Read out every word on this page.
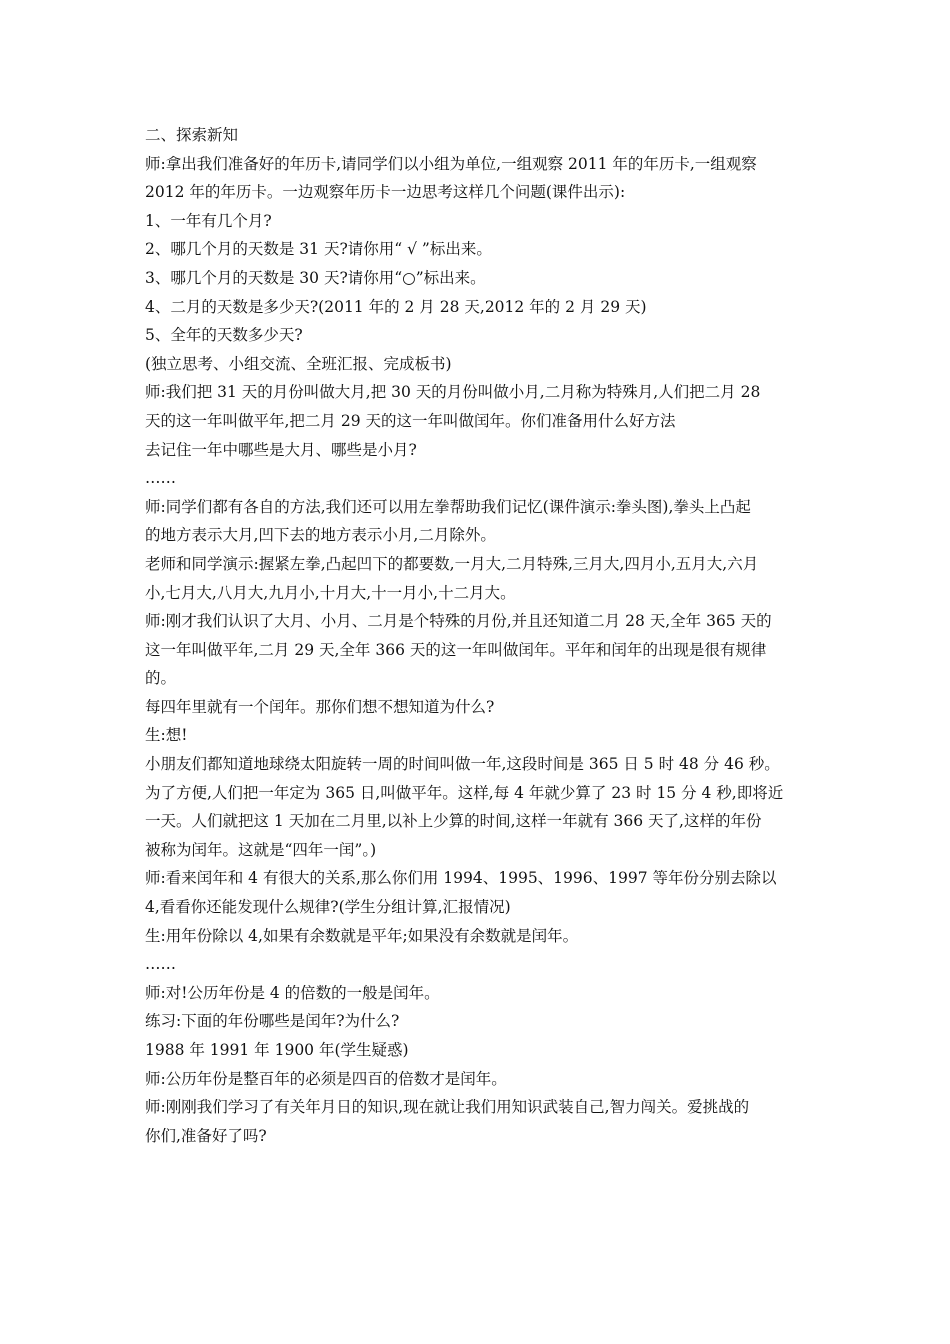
二、探索新知
师:拿出我们准备好的年历卡,请同学们以小组为单位,一组观察 2011 年的年历卡,一组观察
2012 年的年历卡。一边观察年历卡一边思考这样几个问题(课件出示):
1、一年有几个月?
2、哪几个月的天数是 31 天?请你用“ √ ”标出来。
3、哪几个月的天数是 30 天?请你用“○”标出来。
4、二月的天数是多少天?(2011 年的 2 月 28 天,2012 年的 2 月 29 天)
5、全年的天数多少天?
(独立思考、小组交流、全班汇报、完成板书)
师:我们把 31 天的月份叫做大月,把 30 天的月份叫做小月,二月称为特殊月,人们把二月 28
天的这一年叫做平年,把二月 29 天的这一年叫做闰年。你们准备用什么好方法
去记住一年中哪些是大月、哪些是小月?
……
师:同学们都有各自的方法,我们还可以用左拳帮助我们记忆(课件演示:拳头图),拳头上凸起
的地方表示大月,凹下去的地方表示小月,二月除外。
老师和同学演示:握紧左拳,凸起凹下的都要数,一月大,二月特殊,三月大,四月小,五月大,六月
小,七月大,八月大,九月小,十月大,十一月小,十二月大。
师:刚才我们认识了大月、小月、二月是个特殊的月份,并且还知道二月 28 天,全年 365 天的
这一年叫做平年,二月 29 天,全年 366 天的这一年叫做闰年。平年和闰年的出现是很有规律
的。
每四年里就有一个闰年。那你们想不想知道为什么?
生:想!
小朋友们都知道地球绕太阳旋转一周的时间叫做一年,这段时间是 365 日 5 时 48 分 46 秒。
为了方便,人们把一年定为 365 日,叫做平年。这样,每 4 年就少算了 23 时 15 分 4 秒,即将近
一天。人们就把这 1 天加在二月里,以补上少算的时间,这样一年就有 366 天了,这样的年份
被称为闰年。这就是“四年一闰”。)
师:看来闰年和 4 有很大的关系,那么你们用 1994、1995、1996、1997 等年份分别去除以
4,看看你还能发现什么规律?(学生分组计算,汇报情况)
生:用年份除以 4,如果有余数就是平年;如果没有余数就是闰年。
……
师:对!公历年份是 4 的倍数的一般是闰年。
练习:下面的年份哪些是闰年?为什么?
1988 年 1991 年 1900 年(学生疑惑)
师:公历年份是整百年的必须是四百的倍数才是闰年。
师:刚刚我们学习了有关年月日的知识,现在就让我们用知识武装自己,智力闯关。爱挑战的
你们,准备好了吗?
